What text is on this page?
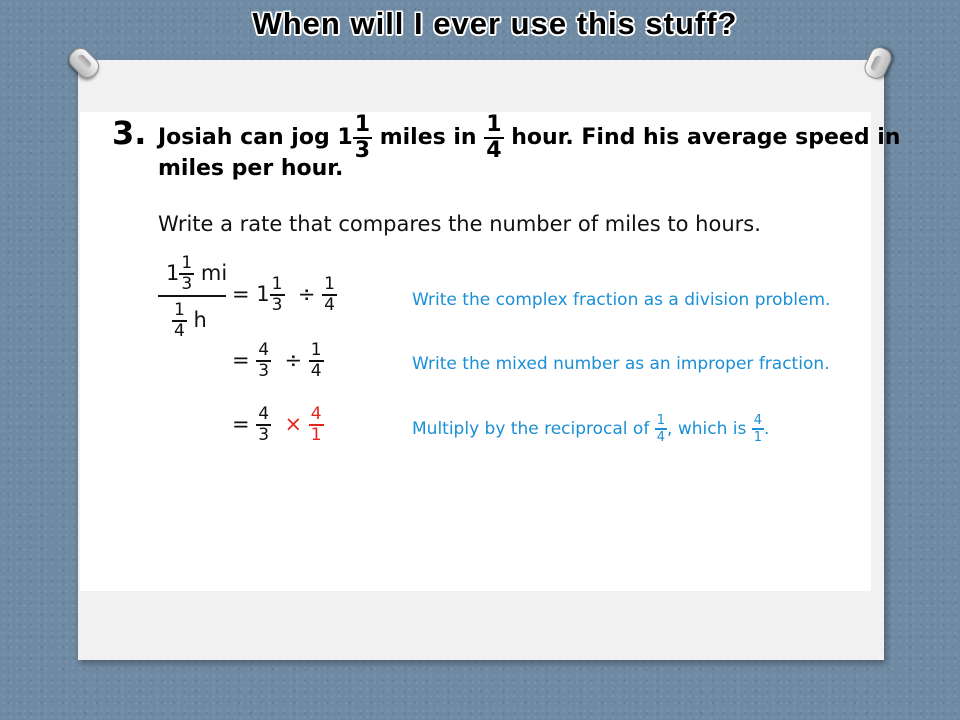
When will I ever use this stuff?
3. Josiah can jog $1 \frac{1}{3}$ miles in $\frac{1}{4}$ hour. Find his average speed in
miles per hour.
Write a rate that compares the number of miles to hours.
$1 \frac{1}{3}$ mi
$\frac{1}{4}$ h
= $1 \frac{1}{3} \div \frac{1}{4}$
= $\frac{4}{3} \div \frac{1}{4}$
= $\frac{4}{3} \times \frac{4}{1}$
Write the complex fraction as a division problem.
Write the mixed number as an improper fraction.
Multiply by the reciprocal of $\frac{1}{4}$ , which is $\frac{4}{1}$ .
